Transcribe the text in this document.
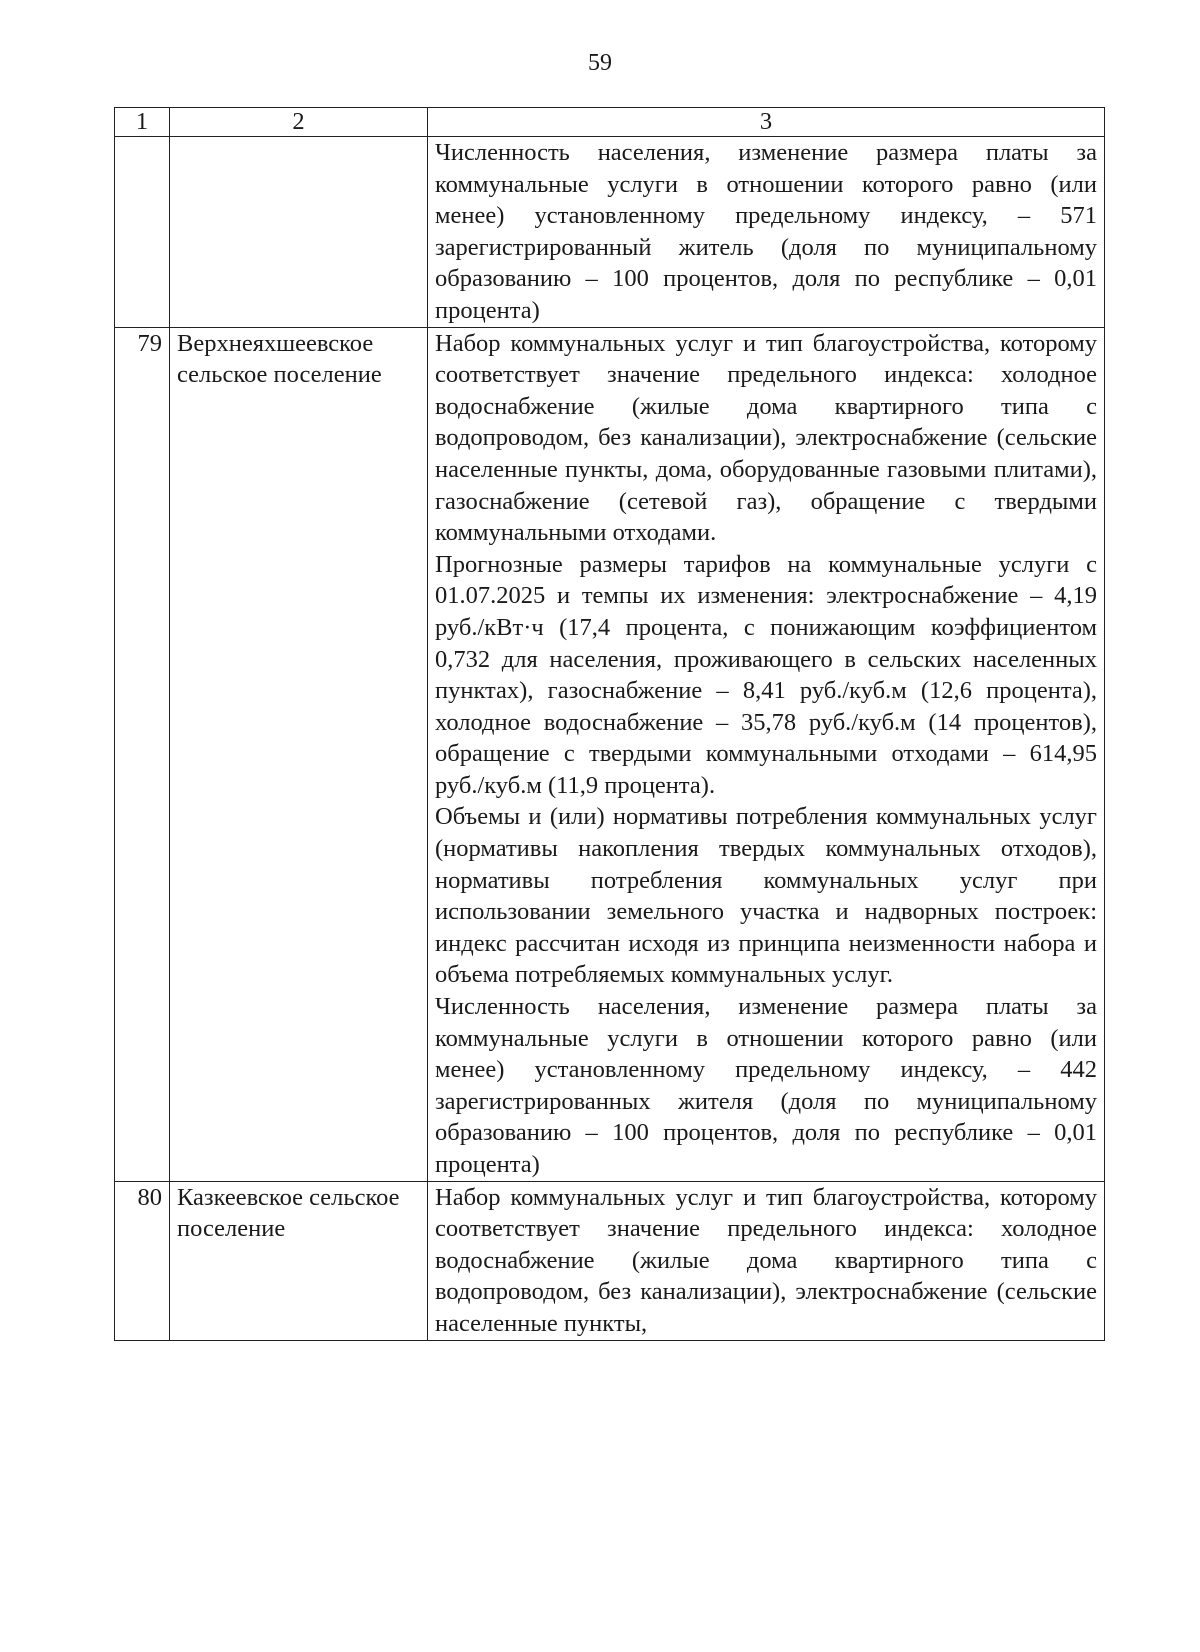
59
1	2	3

		Численность населения, изменение размера платы за коммунальные услуги в отношении которого равно (или менее) установленному предельному индексу, – 571 зарегистрированный житель (доля по муниципальному образованию – 100 процентов, доля по республике – 0,01 процента)

79	Верхнеяхшеевское сельское поселение	Набор коммунальных услуг и тип благоустройства, которому соответствует значение предельного индекса: холодное водоснабжение (жилые дома квартирного типа с водопроводом, без канализации), электроснабжение (сельские населенные пункты, дома, оборудованные газовыми плитами), газоснабжение (сетевой газ), обращение с твердыми коммунальными отходами.

Прогнозные размеры тарифов на коммунальные услуги с 01.07.2025 и темпы их изменения: электроснабжение – 4,19 руб./кВт·ч (17,4 процента, с понижающим коэффициентом 0,732 для населения, проживающего в сельских населенных пунктах), газоснабжение – 8,41 руб./куб.м (12,6 процента), холодное водоснабжение – 35,78 руб./куб.м (14 процентов), обращение с твердыми коммунальными отходами – 614,95 руб./куб.м (11,9 процента).

Объемы и (или) нормативы потребления коммунальных услуг (нормативы накопления твердых коммунальных отходов), нормативы потребления коммунальных услуг при использовании земельного участка и надворных построек: индекс рассчитан исходя из принципа неизменности набора и объема потребляемых коммунальных услуг.

Численность населения, изменение размера платы за коммунальные услуги в отношении которого равно (или менее) установленному предельному индексу, – 442 зарегистрированных жителя (доля по муниципальному образованию – 100 процентов, доля по республике – 0,01 процента)

80	Казкеевское сельское поселение	Набор коммунальных услуг и тип благоустройства, которому соответствует значение предельного индекса: холодное водоснабжение (жилые дома квартирного типа с водопроводом, без канализации), электроснабжение (сельские населенные пункты,
